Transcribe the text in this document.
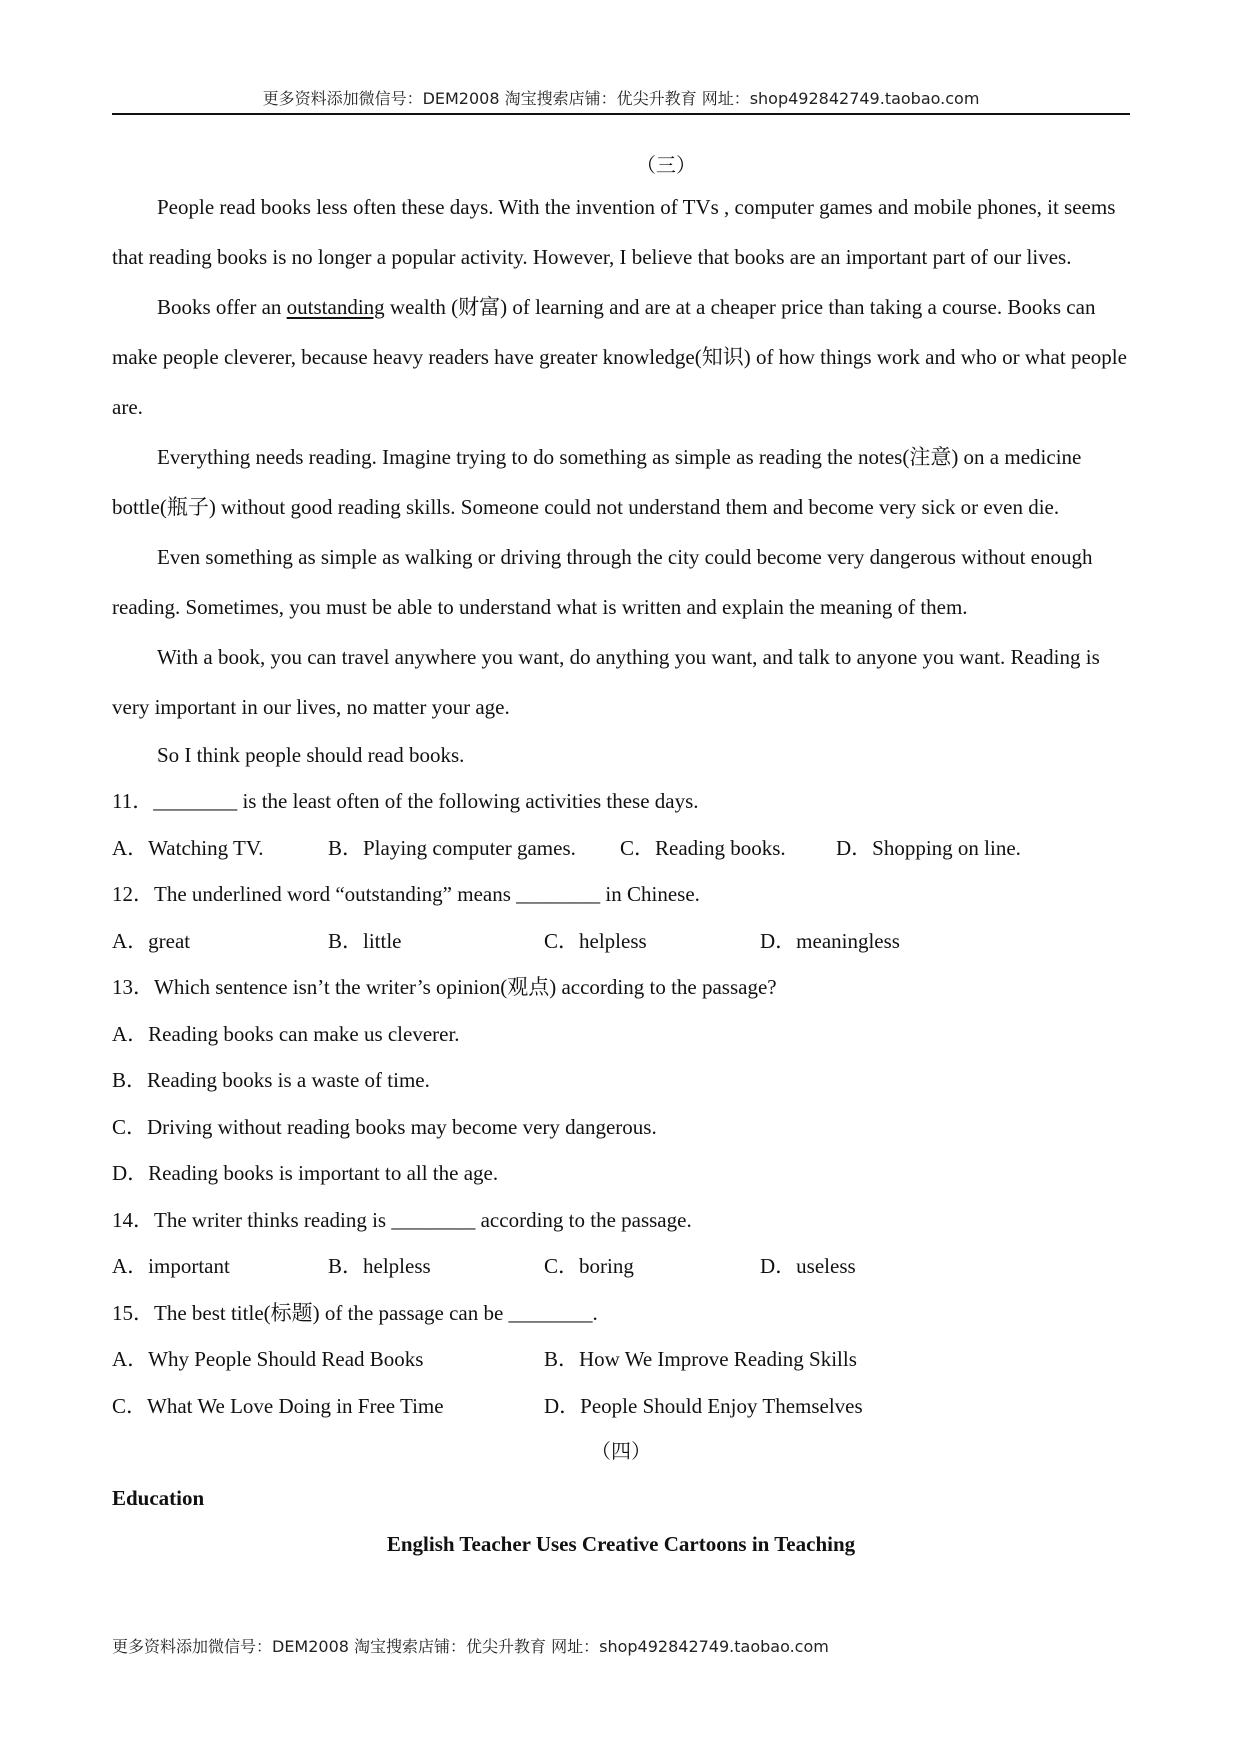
更多资料添加微信号：DEM2008 淘宝搜索店铺：优尖升教育 网址：shop492842749.taobao.com
（三）

People read books less often these days. With the invention of TVs , computer games and mobile phones, it seems that reading books is no longer a popular activity. However, I believe that books are an important part of our lives.

Books offer an outstanding wealth (财富) of learning and are at a cheaper price than taking a course. Books can make people cleverer, because heavy readers have greater knowledge(知识) of how things work and who or what people are.

Everything needs reading. Imagine trying to do something as simple as reading the notes(注意) on a medicine bottle(瓶子) without good reading skills. Someone could not understand them and become very sick or even die.

Even something as simple as walking or driving through the city could become very dangerous without enough reading. Sometimes, you must be able to understand what is written and explain the meaning of them.

With a book, you can travel anywhere you want, do anything you want, and talk to anyone you want. Reading is very important in our lives, no matter your age.

So I think people should read books.

11．________ is the least often of the following activities these days.
A．Watching TV.	B．Playing computer games.	C．Reading books.	D．Shopping on line.
12．The underlined word “outstanding” means ________ in Chinese.
A．great	B．little	C．helpless	D．meaningless
13．Which sentence isn’t the writer’s opinion(观点) according to the passage?
A．Reading books can make us cleverer.
B．Reading books is a waste of time.
C．Driving without reading books may become very dangerous.
D．Reading books is important to all the age.
14．The writer thinks reading is ________ according to the passage.
A．important	B．helpless	C．boring	D．useless
15．The best title(标题) of the passage can be ________.
A．Why People Should Read Books	B．How We Improve Reading Skills
C．What We Love Doing in Free Time	D．People Should Enjoy Themselves
（四）
Education
English Teacher Uses Creative Cartoons in Teaching
更多资料添加微信号：DEM2008 淘宝搜索店铺：优尖升教育 网址：shop492842749.taobao.com
